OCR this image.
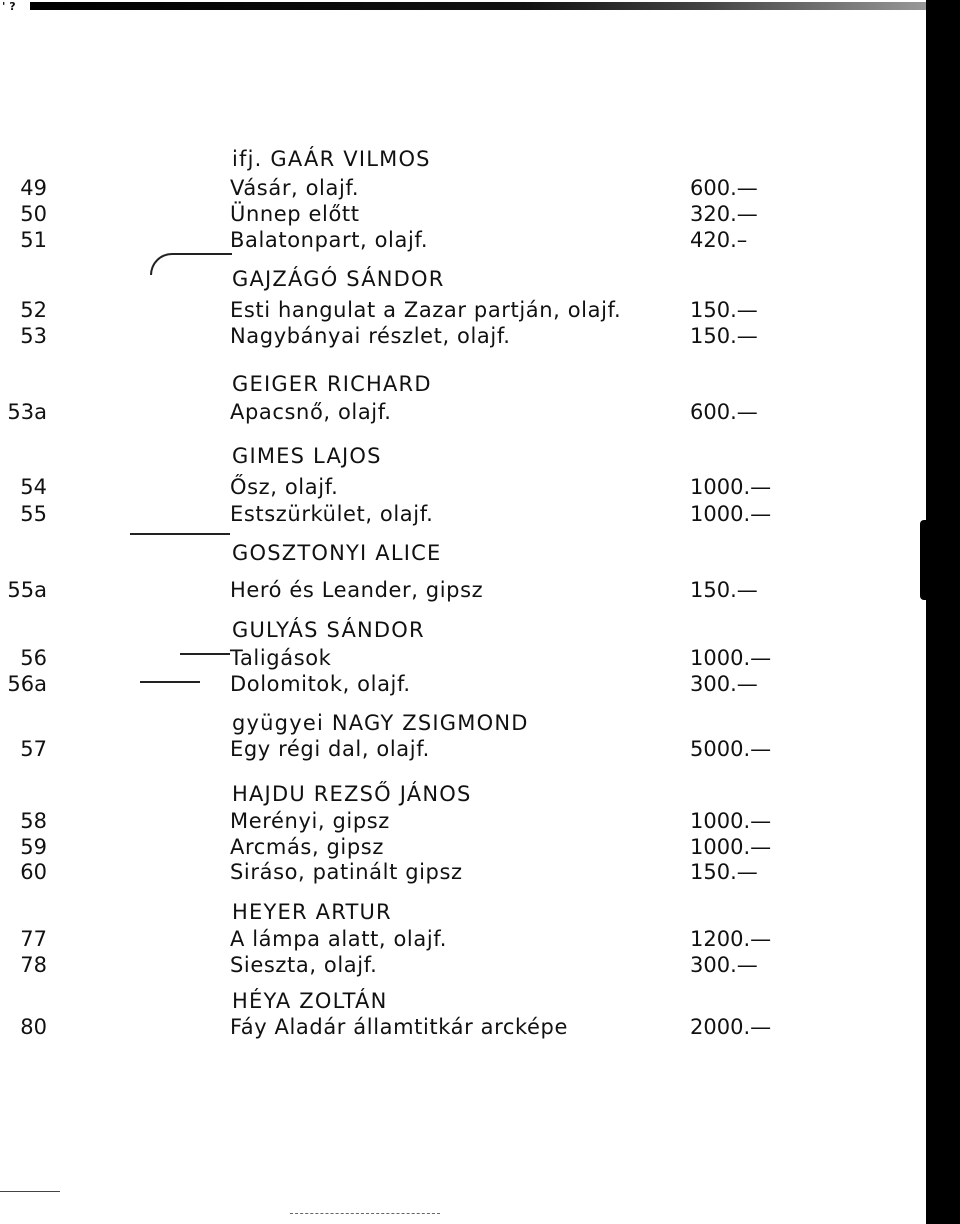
' ?
ifj. GAÁR VILMOS
49	Vásár, olajf.	600.—
50	Ünnep előtt	320.—
51	Balatonpart, olajf.	420.–
GAJZÁGÓ SÁNDOR
52	Esti hangulat a Zazar partján, olajf.	150.—
53	Nagybányai részlet, olajf.	150.—
GEIGER RICHARD
53a	Apacsnő, olajf.	600.—
GIMES LAJOS
54	Ősz, olajf.	1000.—
55	Estszürkület, olajf.	1000.—
GOSZTONYI ALICE
55a	Heró és Leander, gipsz	150.—
GULYÁS SÁNDOR
56	Taligások	1000.—
56a	Dolomitok, olajf.	300.—
gyügyei NAGY ZSIGMOND
57	Egy régi dal, olajf.	5000.—
HAJDU REZSŐ JÁNOS
58	Merényi, gipsz	1000.—
59	Arcmás, gipsz	1000.—
60	Siráso, patinált gipsz	150.—
HEYER ARTUR
77	A lámpa alatt, olajf.	1200.—
78	Sieszta, olajf.	300.—
HÉYA ZOLTÁN
80	Fáy Aladár államtitkár arcképe	2000.—
